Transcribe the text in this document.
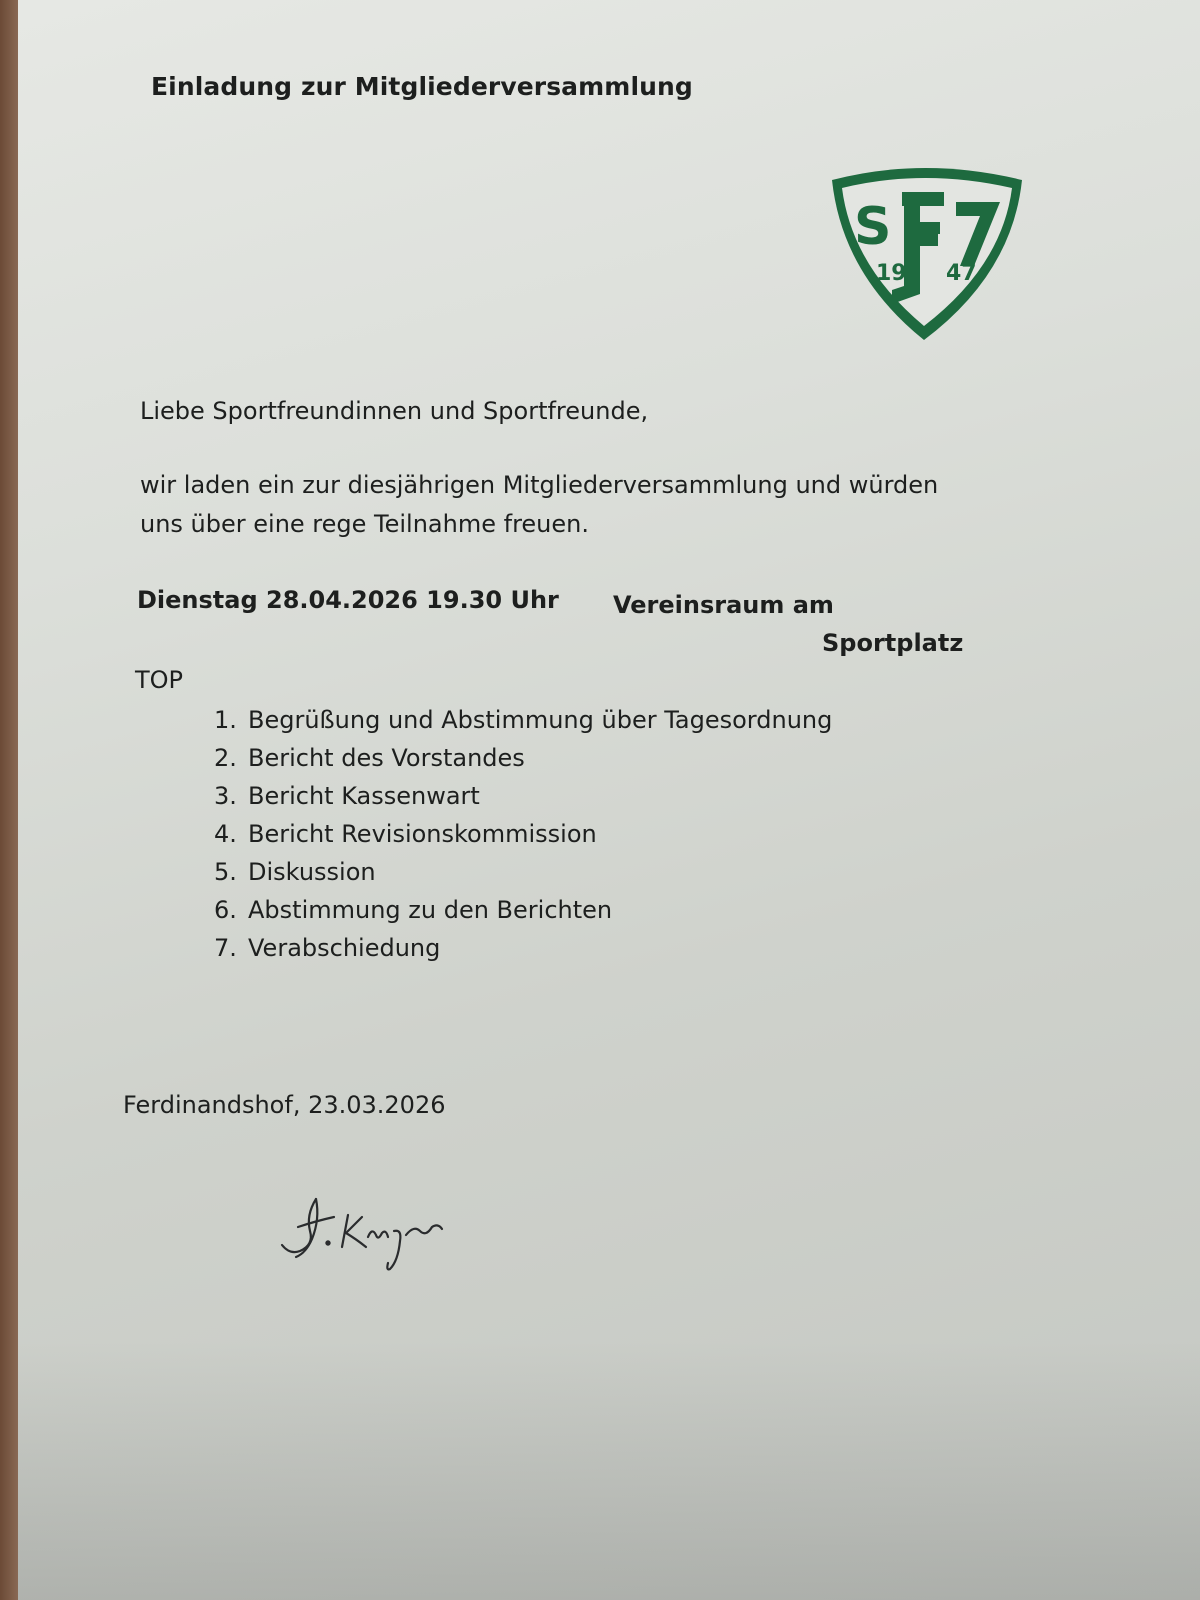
Einladung zur Mitgliederversammlung
S
19 47
Liebe Sportfreundinnen und Sportfreunde,
wir laden ein zur diesjährigen Mitgliederversammlung und würden
uns über eine rege Teilnahme freuen.
Dienstag 28.04.2026 19.30 Uhr Vereinsraum am
Sportplatz
TOP
1. Begrüßung und Abstimmung über Tagesordnung
2. Bericht des Vorstandes
3. Bericht Kassenwart
4. Bericht Revisionskommission
5. Diskussion
6. Abstimmung zu den Berichten
7. Verabschiedung
Ferdinandshof, 23.03.2026
